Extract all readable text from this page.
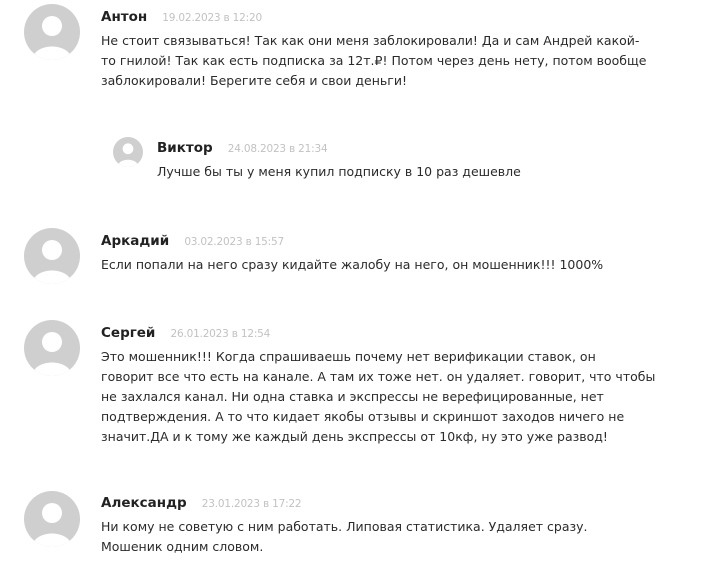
Антон 19.02.2023 в 12:20

Не стоит связываться! Так как они меня заблокировали! Да и сам Андрей какой-

то гнилой! Так как есть подписка за 12т.₽! Потом через день нету, потом вообще

заблокировали! Берегите себя и свои деньги!

Виктор 24.08.2023 в 21:34

Лучше бы ты у меня купил подписку в 10 раз дешевле

Аркадий 03.02.2023 в 15:57

Если попали на него сразу кидайте жалобу на него, он мошенник!!! 1000%

Сергей 26.01.2023 в 12:54

Это мошенник!!! Когда спрашиваешь почему нет верификации ставок, он

говорит все что есть на канале. А там их тоже нет. он удаляет. говорит, что чтобы

не захлался канал. Ни одна ставка и экспрессы не верефицированные, нет

подтверждения. А то что кидает якобы отзывы и скриншот заходов ничего не

значит.ДА и к тому же каждый день экспрессы от 10кф, ну это уже развод!

Александр 23.01.2023 в 17:22

Ни кому не советую с ним работать. Липовая статистика. Удаляет сразу.

Мошеник одним словом.
